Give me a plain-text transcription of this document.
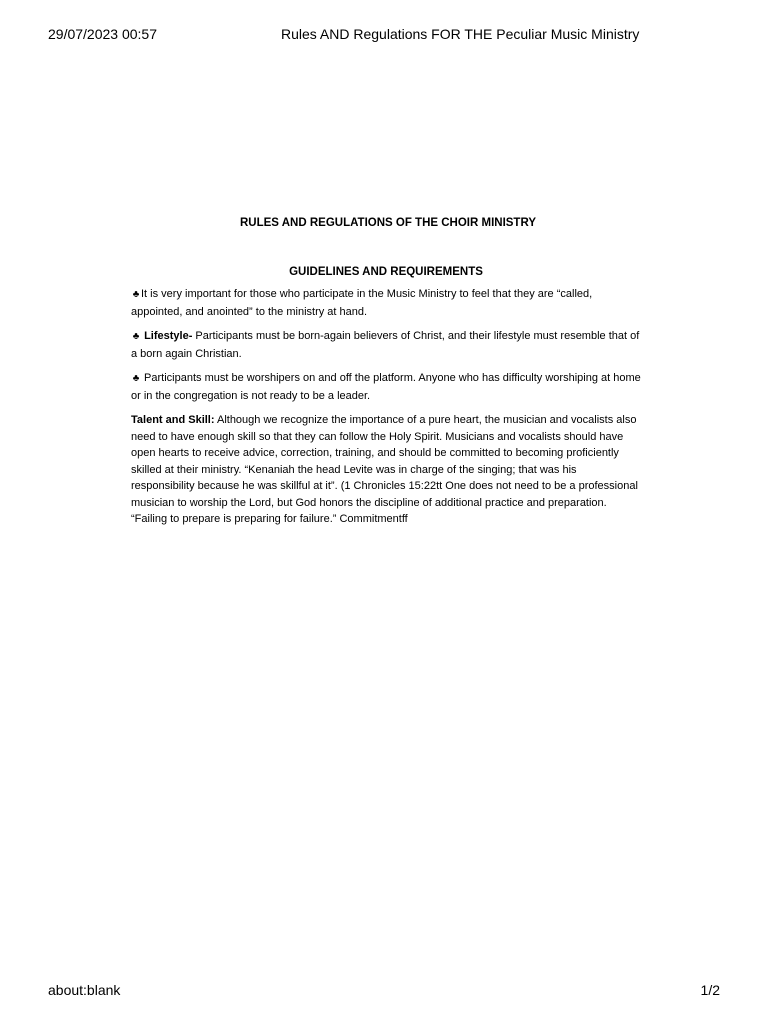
29/07/2023 00:57	Rules AND Regulations FOR THE Peculiar Music Ministry
RULES AND REGULATIONS OF THE CHOIR MINISTRY
GUIDELINES AND REQUIREMENTS

♣ It is very important for those who participate in the Music Ministry to feel that they are “called, appointed, and anointed” to the ministry at hand.

♣ Lifestyle- Participants must be born-again believers of Christ, and their lifestyle must resemble that of a born again Christian.

♣ Participants must be worshipers on and off the platform. Anyone who has difficulty worshiping at home or in the congregation is not ready to be a leader.

Talent and Skill: Although we recognize the importance of a pure heart, the musician and vocalists also need to have enough skill so that they can follow the Holy Spirit. Musicians and vocalists should have open hearts to receive advice, correction, training, and should be committed to becoming proficiently skilled at their ministry. “Kenaniah the head Levite was in charge of the singing; that was his responsibility because he was skillful at it”. (1 Chronicles 15:22tt One does not need to be a professional musician to worship the Lord, but God honors the discipline of additional practice and preparation. “Failing to prepare is preparing for failure.” Commitmentff

about:blank	1/2
